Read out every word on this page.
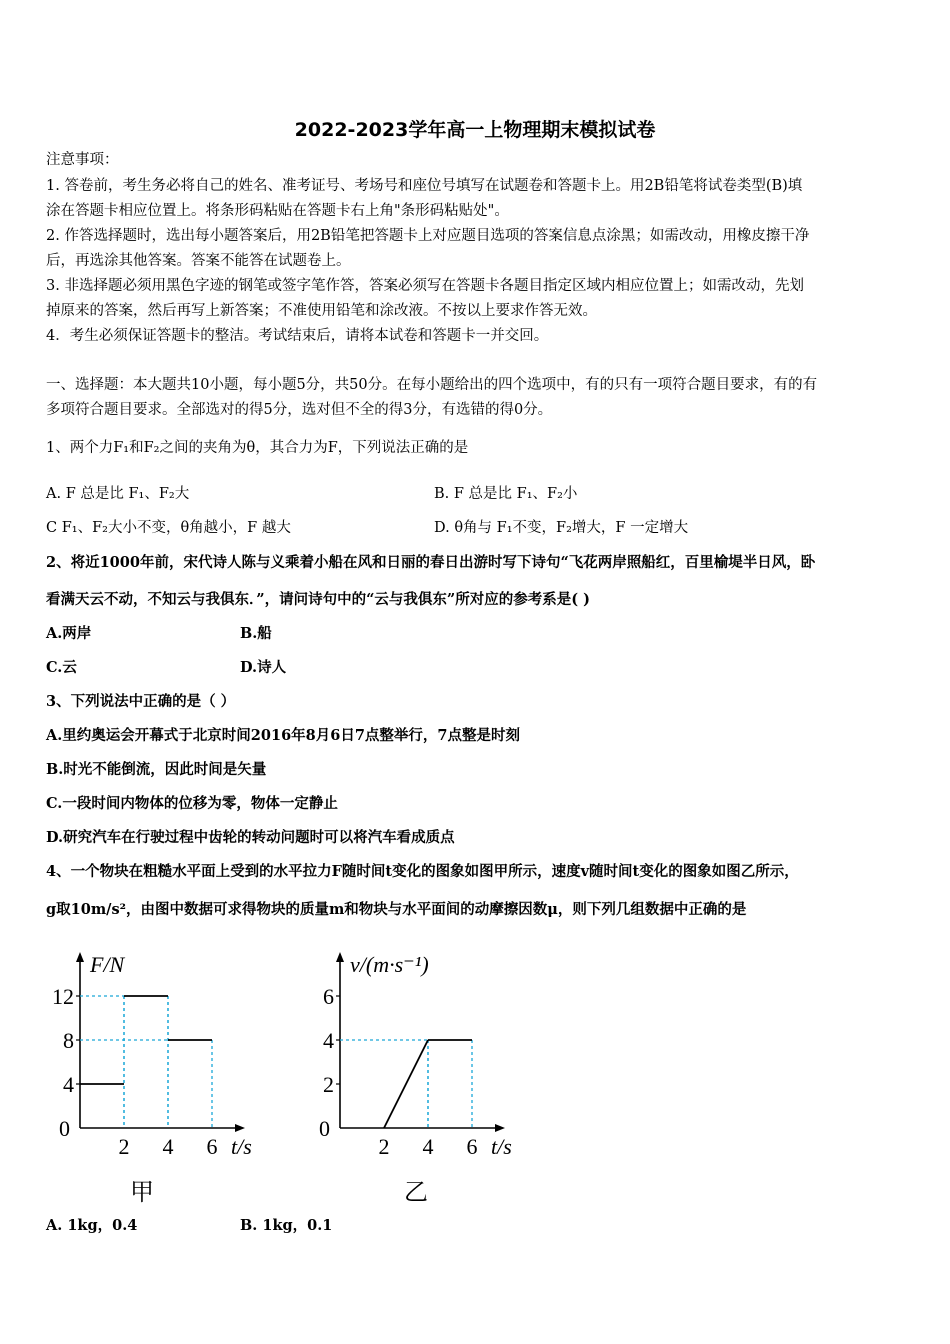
2022-2023学年高一上物理期末模拟试卷
注意事项：
1. 答卷前，考生务必将自己的姓名、准考证号、考场号和座位号填写在试题卷和答题卡上。用2B铅笔将试卷类型(B)填
涂在答题卡相应位置上。将条形码粘贴在答题卡右上角"条形码粘贴处"。
2. 作答选择题时，选出每小题答案后，用2B铅笔把答题卡上对应题目选项的答案信息点涂黑；如需改动，用橡皮擦干净
后，再选涂其他答案。答案不能答在试题卷上。
3. 非选择题必须用黑色字迹的钢笔或签字笔作答，答案必须写在答题卡各题目指定区域内相应位置上；如需改动，先划
掉原来的答案，然后再写上新答案；不准使用铅笔和涂改液。不按以上要求作答无效。
4．考生必须保证答题卡的整洁。考试结束后，请将本试卷和答题卡一并交回。
一、选择题：本大题共10小题，每小题5分，共50分。在每小题给出的四个选项中，有的只有一项符合题目要求，有的有
多项符合题目要求。全部选对的得5分，选对但不全的得3分，有选错的得0分。
1、两个力F₁和F₂之间的夹角为θ，其合力为F，下列说法正确的是
A. F 总是比 F₁、F₂大	B. F 总是比 F₁、F₂小
C F₁、F₂大小不变，θ角越小，F 越大	D. θ角与 F₁不变，F₂增大，F 一定增大
2、将近1000年前，宋代诗人陈与义乘着小船在风和日丽的春日出游时写下诗句“飞花两岸照船红，百里榆堤半日风，卧
看满天云不动，不知云与我俱东．”，请问诗句中的“云与我俱东”所对应的参考系是( )
A.两岸	B.船
C.云	D.诗人
3、下列说法中正确的是（ ）
A.里约奥运会开幕式于北京时间2016年8月6日7点整举行，7点整是时刻
B.时光不能倒流，因此时间是矢量
C.一段时间内物体的位移为零，物体一定静止
D.研究汽车在行驶过程中齿轮的转动问题时可以将汽车看成质点
4、一个物块在粗糙水平面上受到的水平拉力F随时间t变化的图象如图甲所示，速度v随时间t变化的图象如图乙所示，
g取10m/s²，由图中数据可求得物块的质量m和物块与水平面间的动摩擦因数μ，则下列几组数据中正确的是
2 4 6
4
8
12
0
t/s
F/N
甲
2 4 6
2
4
6
0
t/s
v/(m·s⁻¹)
乙
A. 1kg，0.4	B. 1kg，0.1
